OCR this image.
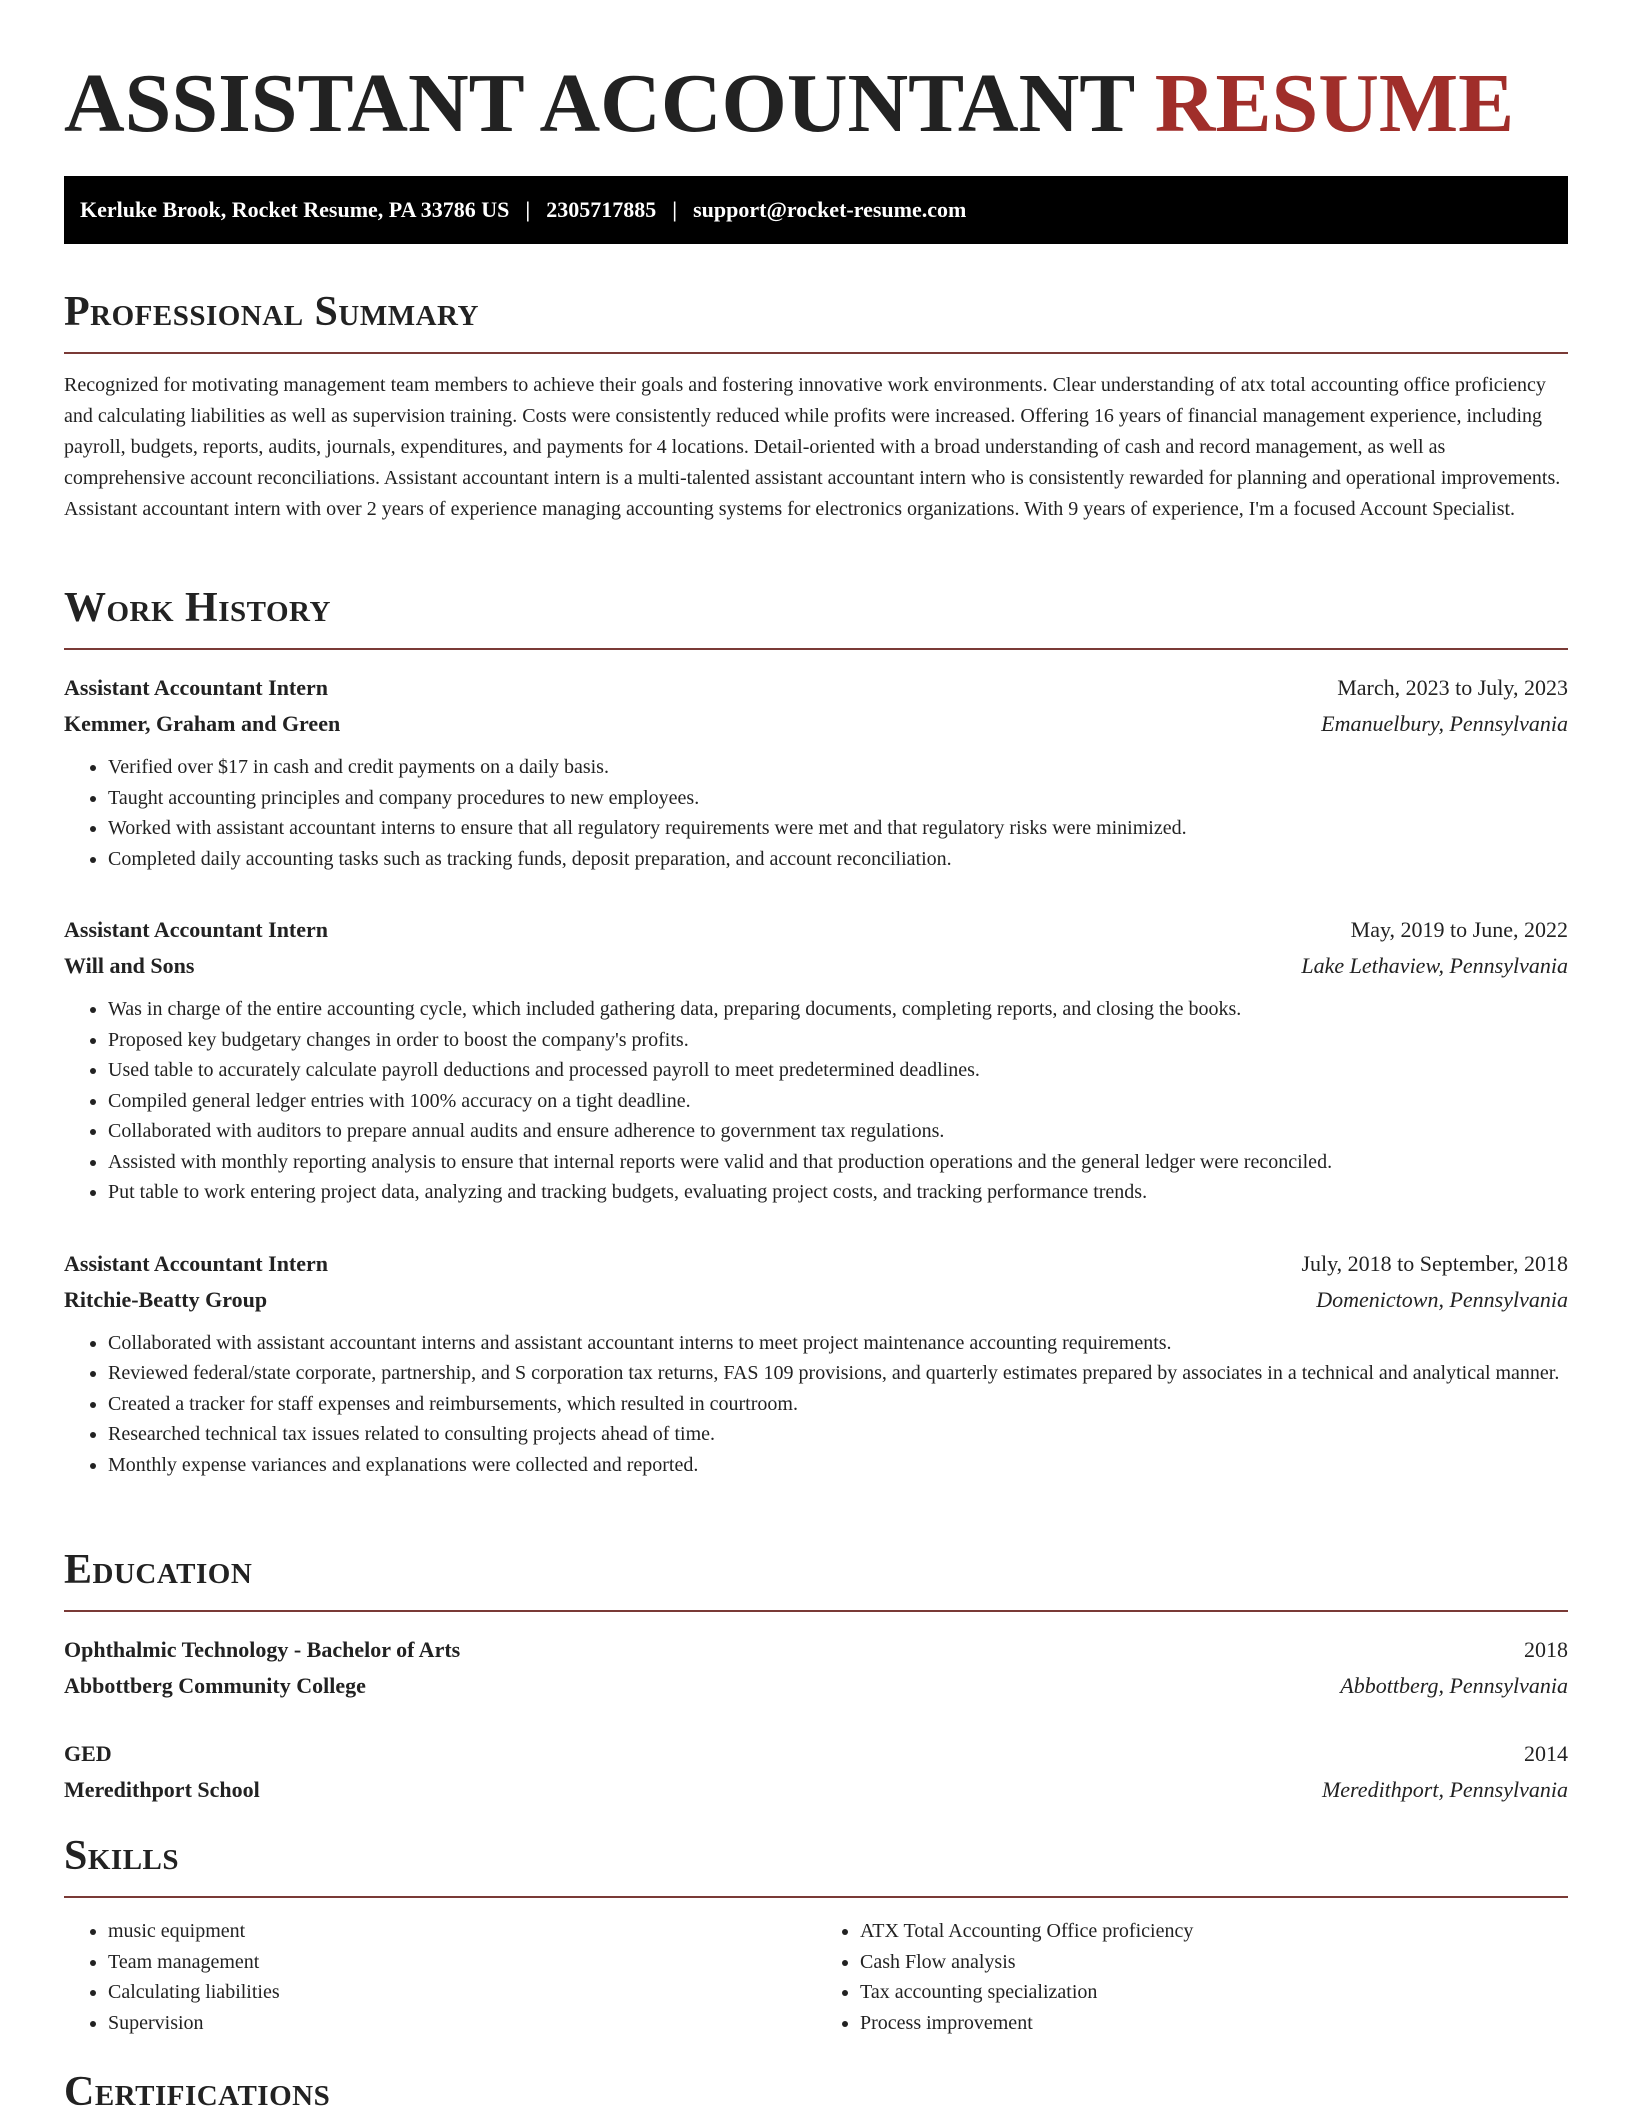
ASSISTANT ACCOUNTANT RESUME
Kerluke Brook, Rocket Resume, PA 33786 US | 2305717885 | support@rocket-resume.com
Professional Summary

Recognized for motivating management team members to achieve their goals and fostering innovative work environments. Clear understanding of atx total accounting office proficiency and calculating liabilities as well as supervision training. Costs were consistently reduced while profits were increased. Offering 16 years of financial management experience, including payroll, budgets, reports, audits, journals, expenditures, and payments for 4 locations. Detail-oriented with a broad understanding of cash and record management, as well as comprehensive account reconciliations. Assistant accountant intern is a multi-talented assistant accountant intern who is consistently rewarded for planning and operational improvements. Assistant accountant intern with over 2 years of experience managing accounting systems for electronics organizations. With 9 years of experience, I'm a focused Account Specialist.

Work History
Assistant Accountant Intern	March, 2023 to July, 2023
Kemmer, Graham and Green	Emanuelbury, Pennsylvania
• Verified over $17 in cash and credit payments on a daily basis.
• Taught accounting principles and company procedures to new employees.
• Worked with assistant accountant interns to ensure that all regulatory requirements were met and that regulatory risks were minimized.
• Completed daily accounting tasks such as tracking funds, deposit preparation, and account reconciliation.
Assistant Accountant Intern	May, 2019 to June, 2022
Will and Sons	Lake Lethaview, Pennsylvania
• Was in charge of the entire accounting cycle, which included gathering data, preparing documents, completing reports, and closing the books.
• Proposed key budgetary changes in order to boost the company's profits.
• Used table to accurately calculate payroll deductions and processed payroll to meet predetermined deadlines.
• Compiled general ledger entries with 100% accuracy on a tight deadline.
• Collaborated with auditors to prepare annual audits and ensure adherence to government tax regulations.
• Assisted with monthly reporting analysis to ensure that internal reports were valid and that production operations and the general ledger were reconciled.
• Put table to work entering project data, analyzing and tracking budgets, evaluating project costs, and tracking performance trends.
Assistant Accountant Intern	July, 2018 to September, 2018
Ritchie-Beatty Group	Domenictown, Pennsylvania
• Collaborated with assistant accountant interns and assistant accountant interns to meet project maintenance accounting requirements.
• Reviewed federal/state corporate, partnership, and S corporation tax returns, FAS 109 provisions, and quarterly estimates prepared by associates in a technical and analytical manner.
• Created a tracker for staff expenses and reimbursements, which resulted in courtroom.
• Researched technical tax issues related to consulting projects ahead of time.
• Monthly expense variances and explanations were collected and reported.
Education
Ophthalmic Technology - Bachelor of Arts	2018
Abbottberg Community College	Abbottberg, Pennsylvania
GED	2014
Meredithport School	Meredithport, Pennsylvania
Skills
• music equipment
• Team management
• Calculating liabilities
• Supervision
• ATX Total Accounting Office proficiency
• Cash Flow analysis
• Tax accounting specialization
• Process improvement
Certifications
